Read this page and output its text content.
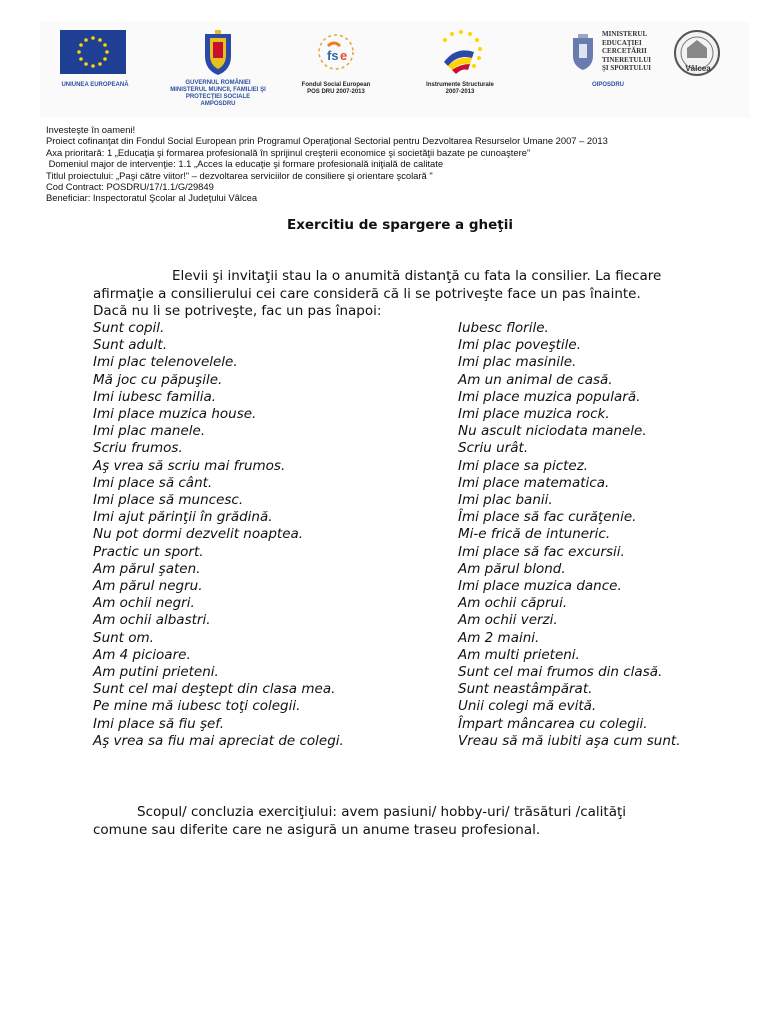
UNIUNEA EUROPEANĂ	GUVERNUL ROMÂNIEI
MINISTERUL MUNCII, FAMILIEI ŞI
PROTECŢIEI SOCIALE
AMPOSDRU
fs e
Fondul Social European
POS DRU 2007-2013
Instrumente Structurale
2007-2013
MINISTERUL
EDUCAŢIEI
CERCETĂRII
TINERETULUI
ŞI SPORTULUI
OIPOSDRU
Vâlcea
Investeşte în oameni!
Proiect cofinanţat din Fondul Social European prin Programul Operaţional Sectorial pentru Dezvoltarea Resurselor Umane 2007 – 2013
Axa prioritară: 1 „Educaţia şi formarea profesională în sprijinul creşterii economice şi societăţii bazate pe cunoaştere"
Domeniul major de intervenţie: 1.1 „Acces la educaţie şi formare profesională iniţială de calitate
Titlul proiectului: „Paşi către viitor!" – dezvoltarea serviciilor de consiliere şi orientare şcolară "
Cod Contract: POSDRU/17/1.1/G/29849
Beneficiar: Inspectoratul Şcolar al Judeţului Vâlcea
Exercitiu de spargere a gheţii
Elevii şi invitaţii stau la o anumită distanţă cu fata la consilier. La fiecare
afirmaţie a consilierului cei care consideră că li se potriveşte face un pas înainte.
Dacă nu li se potriveşte, fac un pas înapoi:
Sunt copil.
Sunt adult.
Imi plac telenovelele.
Mă joc cu păpuşile.
Imi iubesc familia.
Imi place muzica house.
Imi plac manele.
Scriu frumos.
Aş vrea să scriu mai frumos.
Imi place să cânt.
Imi place să muncesc.
Imi ajut părinţii în grădină.
Nu pot dormi dezvelit noaptea.
Practic un sport.
Am părul şaten.
Am părul negru.
Am ochii negri.
Am ochii albastri.
Sunt om.
Am 4 picioare.
Am putini prieteni.
Sunt cel mai deştept din clasa mea.
Pe mine mă iubesc toţi colegii.
Imi place să fiu şef.
Aş vrea sa fiu mai apreciat de colegi.
Iubesc florile.
Imi plac poveştile.
Imi plac masinile.
Am un animal de casă.
Imi place muzica populară.
Imi place muzica rock.
Nu ascult niciodata manele.
Scriu urât.
Imi place sa pictez.
Imi place matematica.
Imi plac banii.
Îmi place să fac curăţenie.
Mi-e frică de intuneric.
Imi place să fac excursii.
Am părul blond.
Imi place muzica dance.
Am ochii căprui.
Am ochii verzi.
Am 2 maini.
Am multi prieteni.
Sunt cel mai frumos din clasă.
Sunt neastâmpărat.
Unii colegi mă evită.
Împart mâncarea cu colegii.
Vreau să mă iubiti aşa cum sunt.
Scopul/ concluzia exerciţiului: avem pasiuni/ hobby-uri/ trăsături /calităţi
comune sau diferite care ne asigură un anume traseu profesional.
